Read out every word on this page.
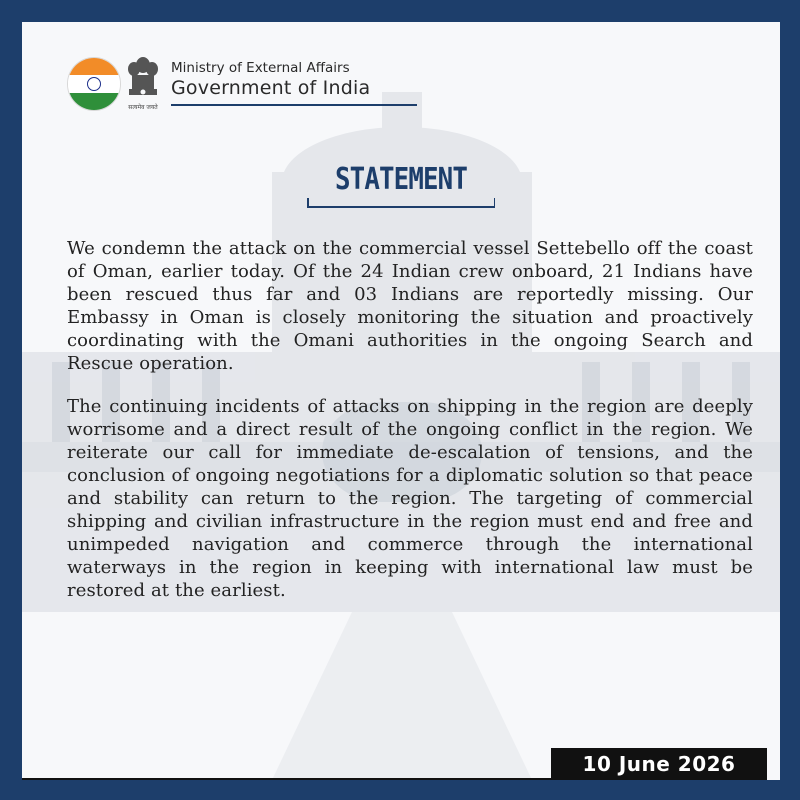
सत्यमेव जयते
Ministry of External Affairs
Government of India
STATEMENT

We condemn the attack on the commercial vessel Settebello off the coast of Oman, earlier today. Of the 24 Indian crew onboard, 21 Indians have been rescued thus far and 03 Indians are reportedly missing. Our Embassy in Oman is closely monitoring the situation and proactively coordinating with the Omani authorities in the ongoing Search and Rescue operation.

The continuing incidents of attacks on shipping in the region are deeply worrisome and a direct result of the ongoing conflict in the region. We reiterate our call for immediate de-escalation of tensions, and the conclusion of ongoing negotiations for a diplomatic solution so that peace and stability can return to the region. The targeting of commercial shipping and civilian infrastructure in the region must end and free and unimpeded navigation and commerce through the international waterways in the region in keeping with international law must be restored at the earliest.

10 June 2026
